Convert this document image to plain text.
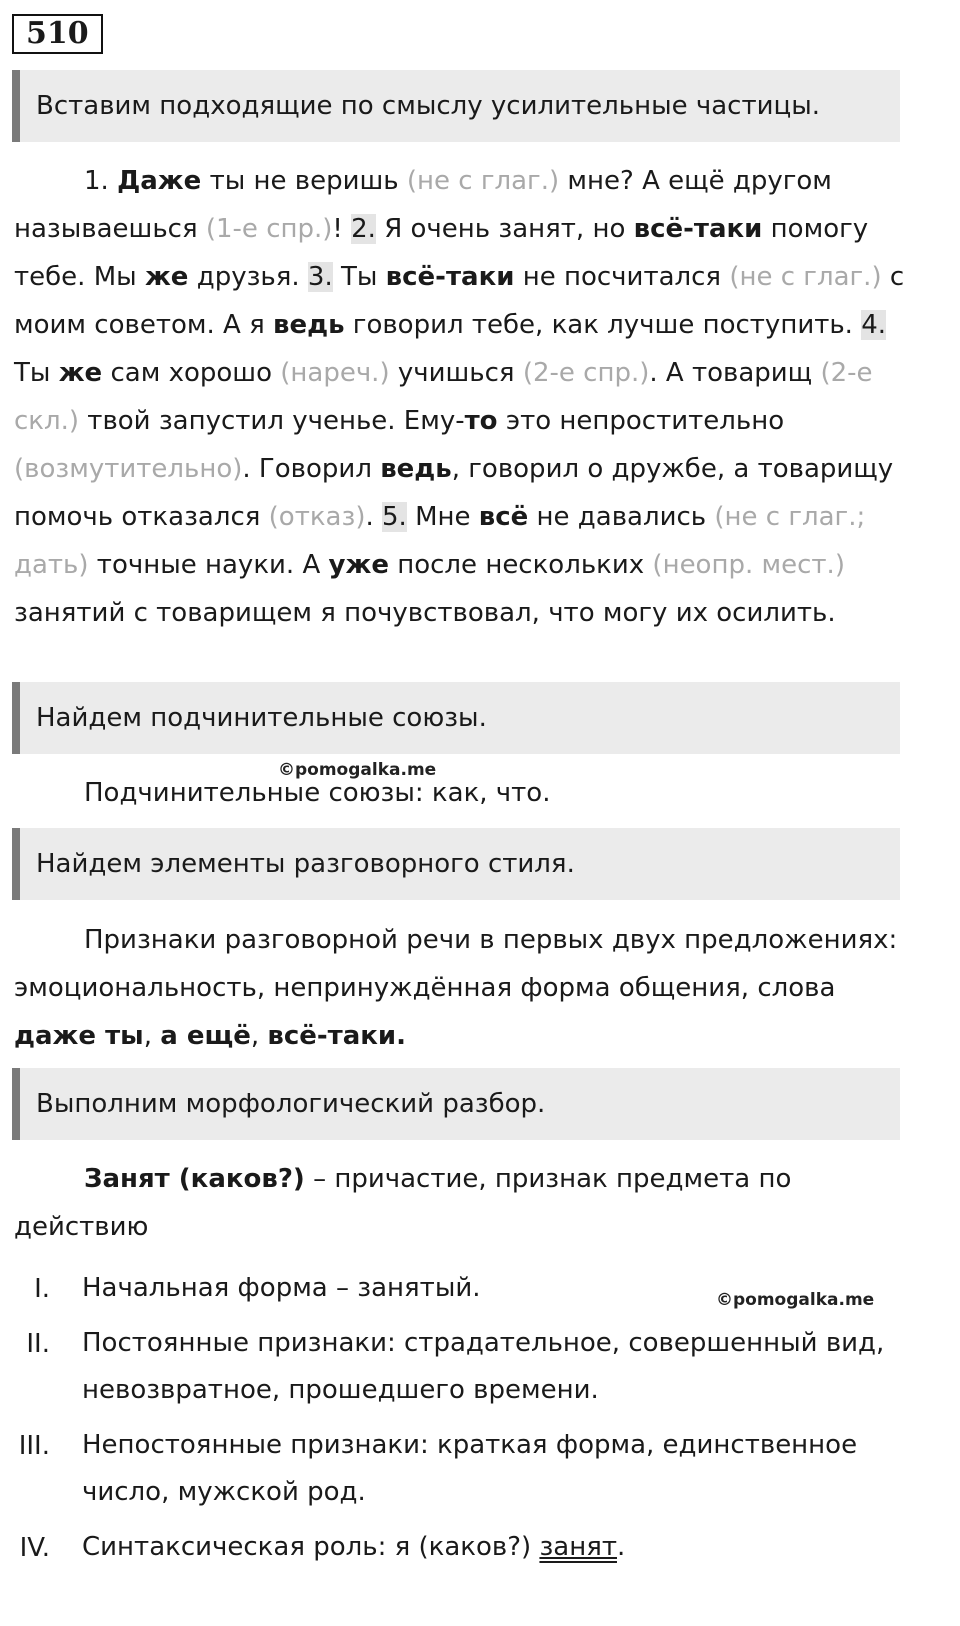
510
Вставим подходящие по смыслу усилительные частицы.

1. Даже ты не веришь (не с глаг.) мне? А ещё другом называешься (1-е спр.)! 2. Я очень занят, но всё-таки помогу тебе. Мы же друзья. 3. Ты всё-таки не посчитался (не с глаг.) с моим советом. А я ведь говорил тебе, как лучше поступить. 4. Ты же сам хорошо (нареч.) учишься (2-е спр.). А товарищ (2-е скл.) твой запустил ученье. Ему-то это непростительно (возмутительно). Говорил ведь, говорил о дружбе, а товарищу помочь отказался (отказ). 5. Мне всё не давались (не с глаг.; дать) точные науки. А уже после нескольких (неопр. мест.) занятий с товарищем я почувствовал, что могу их осилить.

Найдем подчинительные союзы.
©pomogalka.me

Подчинительные союзы: как, что.

Найдем элементы разговорного стиля.

Признаки разговорной речи в первых двух предложениях: эмоциональность, непринуждённая форма общения, слова даже ты, а ещё, всё-таки.

Выполним морфологический разбор.

Занят (каков?) – причастие, признак предмета по действию

©pomogalka.me
I. Начальная форма – занятый.
II. Постоянные признаки: страдательное, совершенный вид, невозвратное, прошедшего времени.
III. Непостоянные признаки: краткая форма, единственное число, мужской род.
IV. Синтаксическая роль: я (каков?) занят.
